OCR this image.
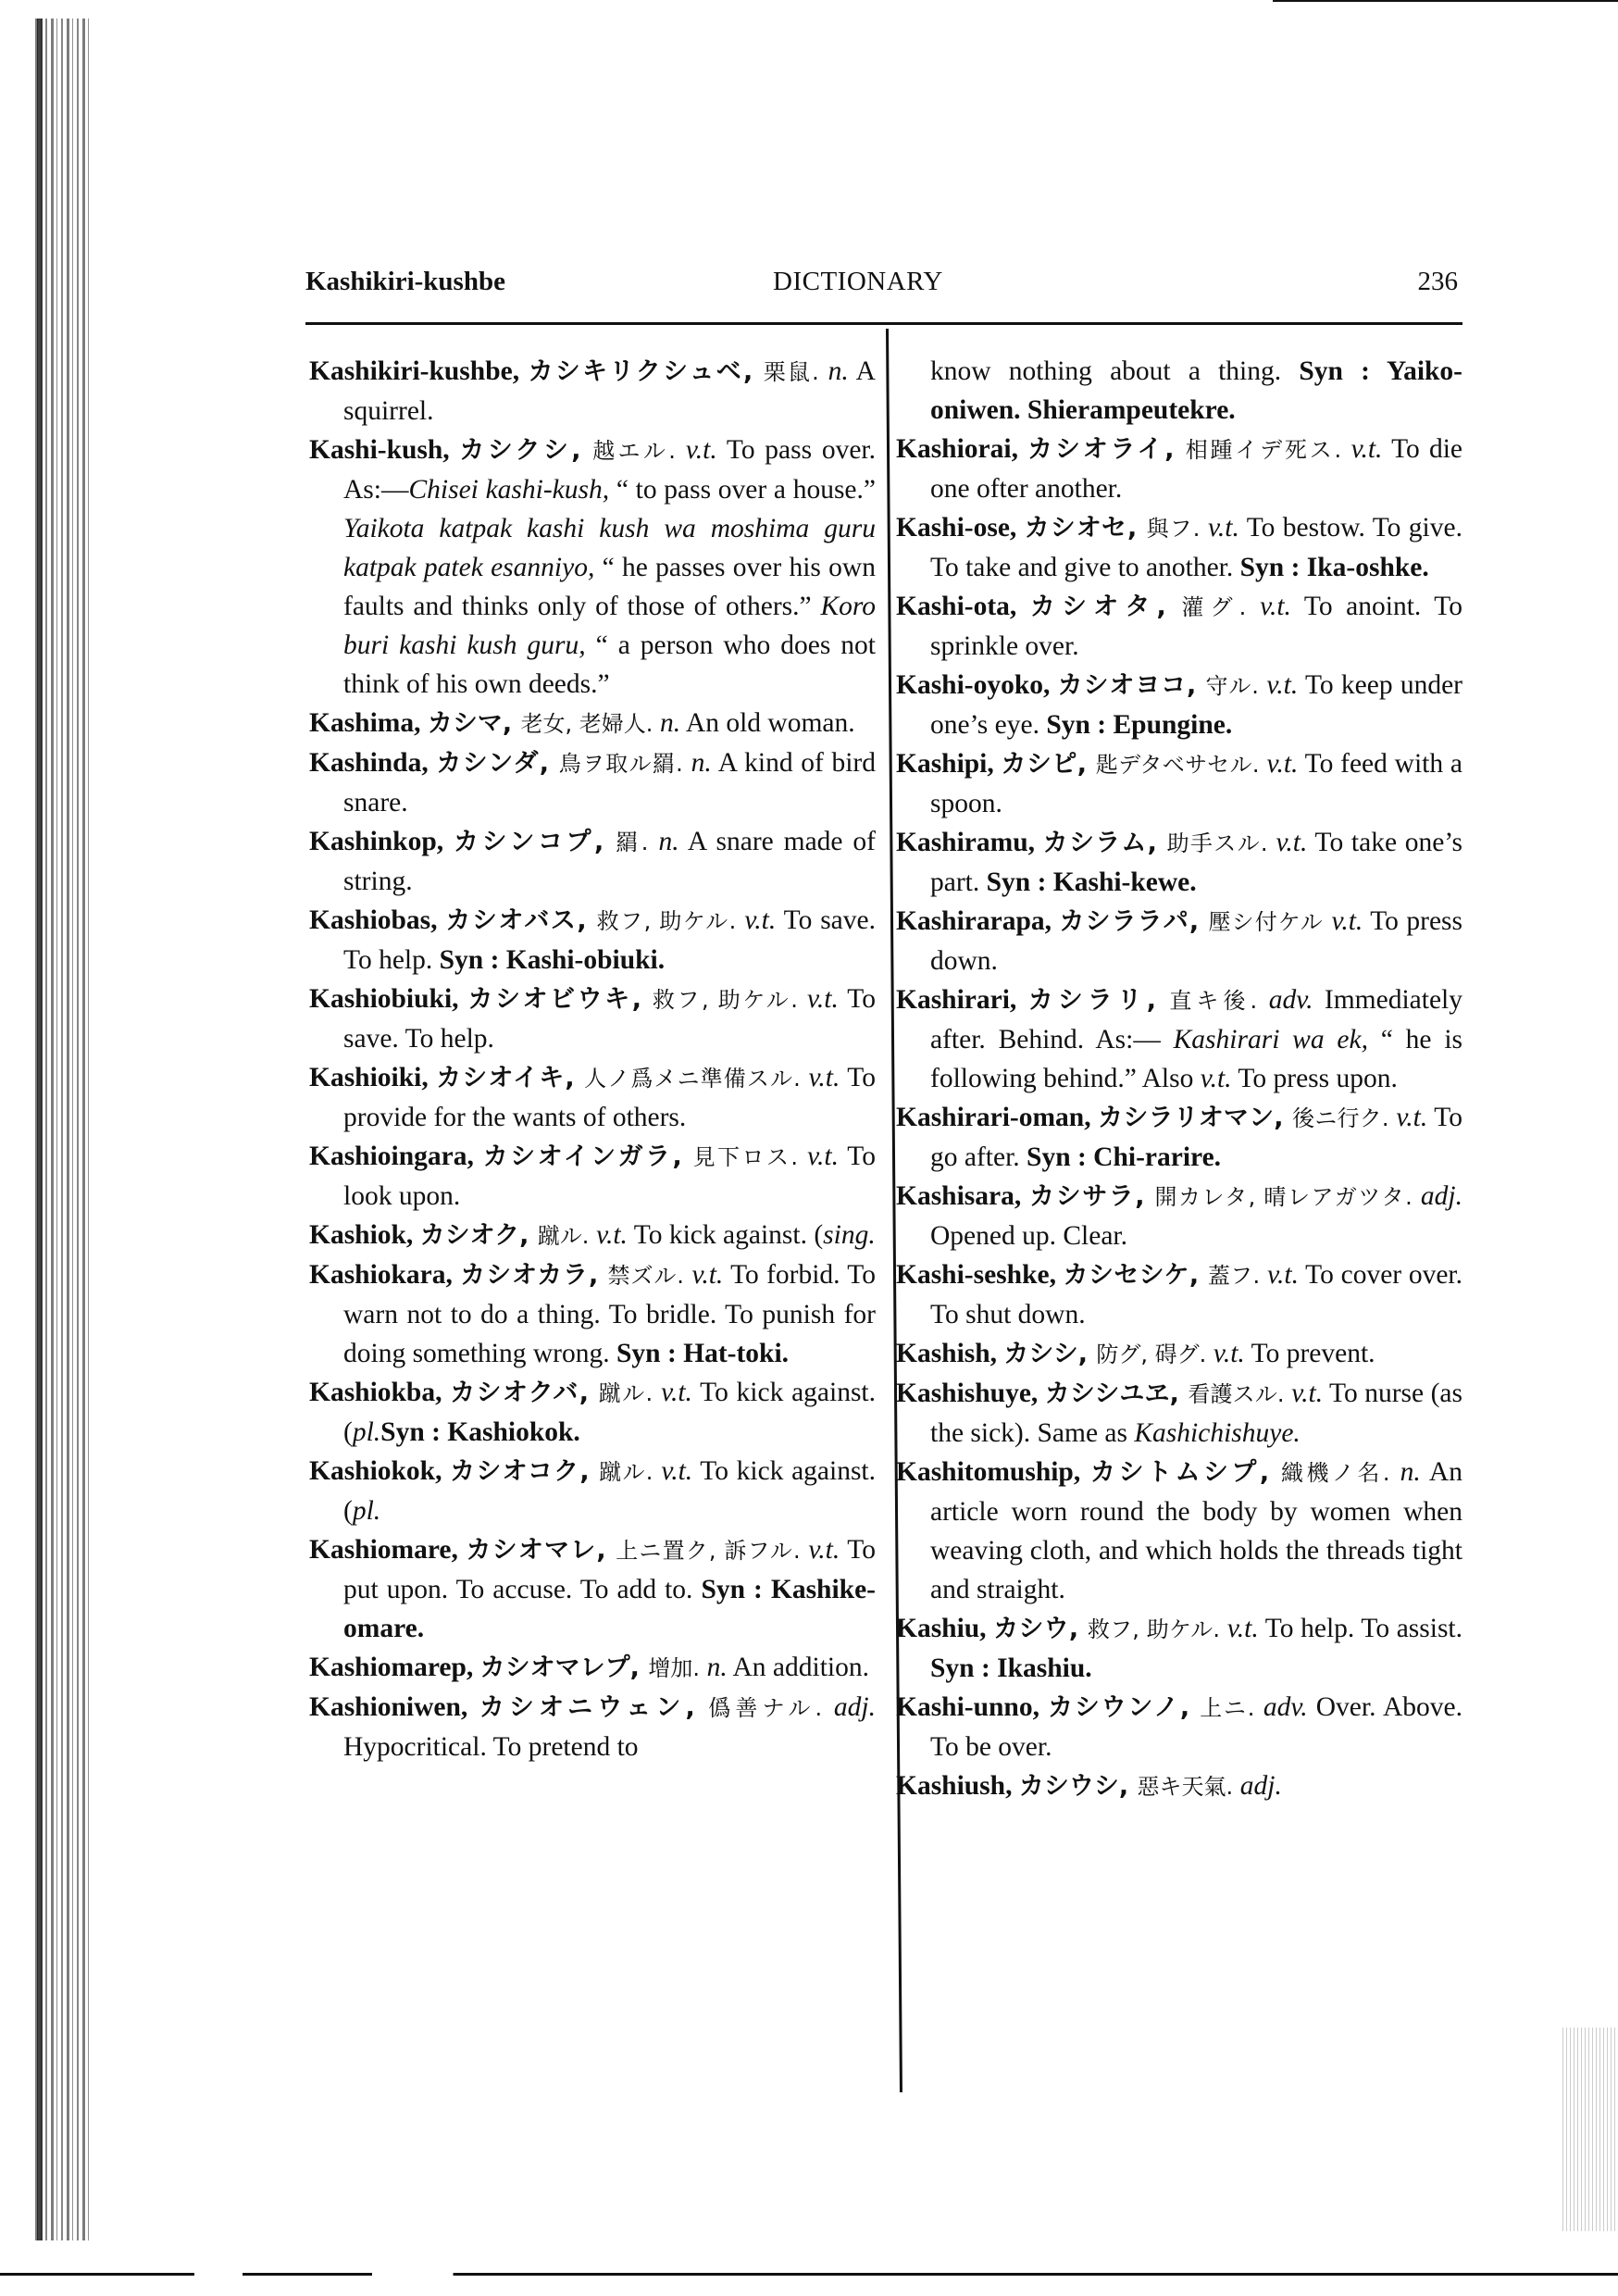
Kashikiri-kushbe	DICTIONARY	236

Kashikiri-kushbe, カシキリクシュベ, 栗鼠. n. A squirrel.

Kashi-kush, カシクシ, 越エル. v.t. To pass over. As:—Chisei kashi-kush, “ to pass over a house.” Yaikota katpak kashi kush wa moshima guru katpak patek esanniyo, “ he passes over his own faults and thinks only of those of others.” Koro buri kashi kush guru, “ a person who does not think of his own deeds.”

Kashima, カシマ, 老女, 老婦人. n. An old woman.

Kashinda, カシンダ, 鳥ヲ取ル羂. n. A kind of bird snare.

Kashinkop, カシンコプ, 羂. n. A snare made of string.

Kashiobas, カシオバス, 救フ, 助ケル. v.t. To save. To help. Syn : Kashi-obiuki.

Kashiobiuki, カシオビウキ, 救フ, 助ケル. v.t. To save. To help.

Kashioiki, カシオイキ, 人ノ爲メニ準備スル. v.t. To provide for the wants of others.

Kashioingara, カシオインガラ, 見下ロス. v.t. To look upon.

Kashiok, カシオク, 蹴ル. v.t. To kick against. (sing.

Kashiokara, カシオカラ, 禁ズル. v.t. To forbid. To warn not to do a thing. To bridle. To punish for doing something wrong. Syn : Hat-toki.

Kashiokba, カシオクバ, 蹴ル. v.t. To kick against. (pl.Syn : Kashiokok.

Kashiokok, カシオコク, 蹴ル. v.t. To kick against. (pl.

Kashiomare, カシオマレ, 上ニ置ク, 訴フル. v.t. To put upon. To accuse. To add to. Syn : Kashike-omare.

Kashiomarep, カシオマレプ, 增加. n. An addition.

Kashioniwen, カシオニウェン, 僞善ナル. adj. Hypocritical. To pretend to

know nothing about a thing. Syn : Yaiko-oniwen. Shierampeutekre.

Kashiorai, カシオライ, 相踵イデ死ス. v.t. To die one ofter another.

Kashi-ose, カシオセ, 與フ. v.t. To bestow. To give. To take and give to another. Syn : Ika-oshke.

Kashi-ota, カシオタ, 灌グ. v.t. To anoint. To sprinkle over.

Kashi-oyoko, カシオヨコ, 守ル. v.t. To keep under one’s eye. Syn : Epungine.

Kashipi, カシピ, 匙デタベサセル. v.t. To feed with a spoon.

Kashiramu, カシラム, 助手スル. v.t. To take one’s part. Syn : Kashi-kewe.

Kashirarapa, カシララパ, 壓シ付ケル v.t. To press down.

Kashirari, カシラリ, 直キ後. adv. Immediately after. Behind. As:— Kashirari wa ek, “ he is following behind.” Also v.t. To press upon.

Kashirari-oman, カシラリオマン, 後ニ行ク. v.t. To go after. Syn : Chi-rarire.

Kashisara, カシサラ, 開カレタ, 晴レアガツタ. adj. Opened up. Clear.

Kashi-seshke, カシセシケ, 蓋フ. v.t. To cover over. To shut down.

Kashish, カシシ, 防グ, 碍グ. v.t. To prevent.

Kashishuye, カシシユヱ, 看護スル. v.t. To nurse (as the sick). Same as Kashichishuye.

Kashitomuship, カシトムシプ, 織機ノ名. n. An article worn round the body by women when weaving cloth, and which holds the threads tight and straight.

Kashiu, カシウ, 救フ, 助ケル. v.t. To help. To assist. Syn : Ikashiu.

Kashi-unno, カシウンノ, 上ニ. adv. Over. Above. To be over.

Kashiush, カシウシ, 惡キ天氣. adj.
